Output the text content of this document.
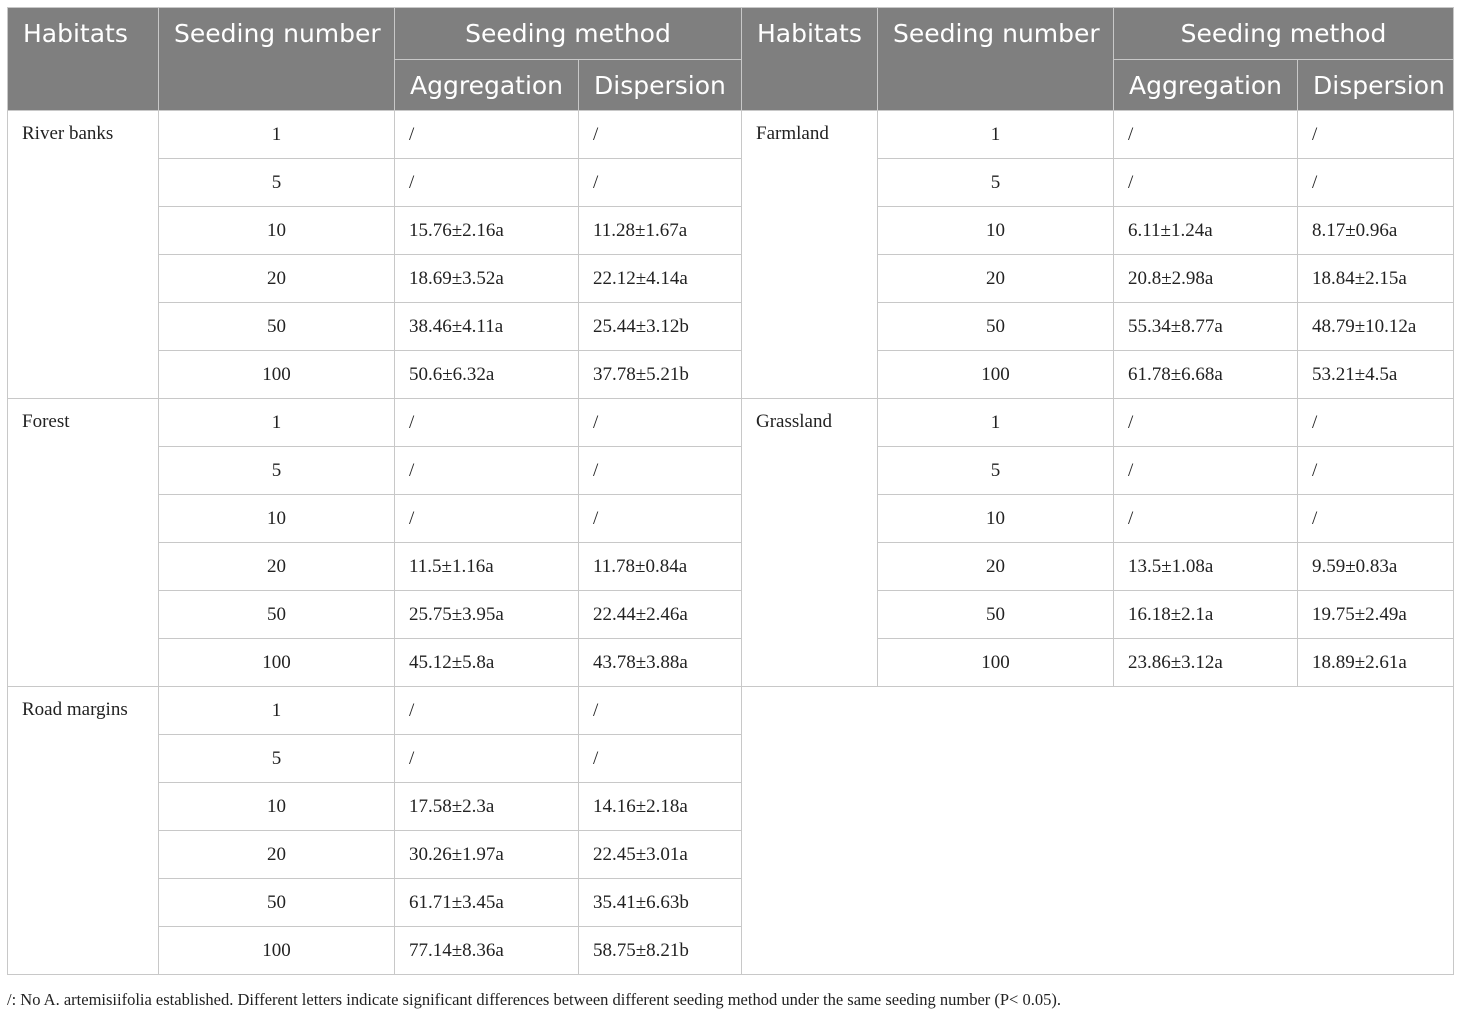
Habitats	Seeding number	Seeding method		Habitats	Seeding number	Seeding method	
		Aggregation	Dispersion			Aggregation	Dispersion
River banks	1	/	/	Farmland	1	/	/
	5	/	/		5	/	/
	10	15.76±2.16a	11.28±1.67a		10	6.11±1.24a	8.17±0.96a
	20	18.69±3.52a	22.12±4.14a		20	20.8±2.98a	18.84±2.15a
	50	38.46±4.11a	25.44±3.12b		50	55.34±8.77a	48.79±10.12a
	100	50.6±6.32a	37.78±5.21b		100	61.78±6.68a	53.21±4.5a
Forest	1	/	/	Grassland	1	/	/
	5	/	/		5	/	/
	10	/	/		10	/	/
	20	11.5±1.16a	11.78±0.84a		20	13.5±1.08a	9.59±0.83a
	50	25.75±3.95a	22.44±2.46a		50	16.18±2.1a	19.75±2.49a
	100	45.12±5.8a	43.78±3.88a		100	23.86±3.12a	18.89±2.61a
Road margins	1	/	/				
	5	/	/				
	10	17.58±2.3a	14.16±2.18a				
	20	30.26±1.97a	22.45±3.01a				
	50	61.71±3.45a	35.41±6.63b				
	100	77.14±8.36a	58.75±8.21b				
/: No A. artemisiifolia established. Different letters indicate significant differences between different seeding method under the same seeding number (P< 0.05).
